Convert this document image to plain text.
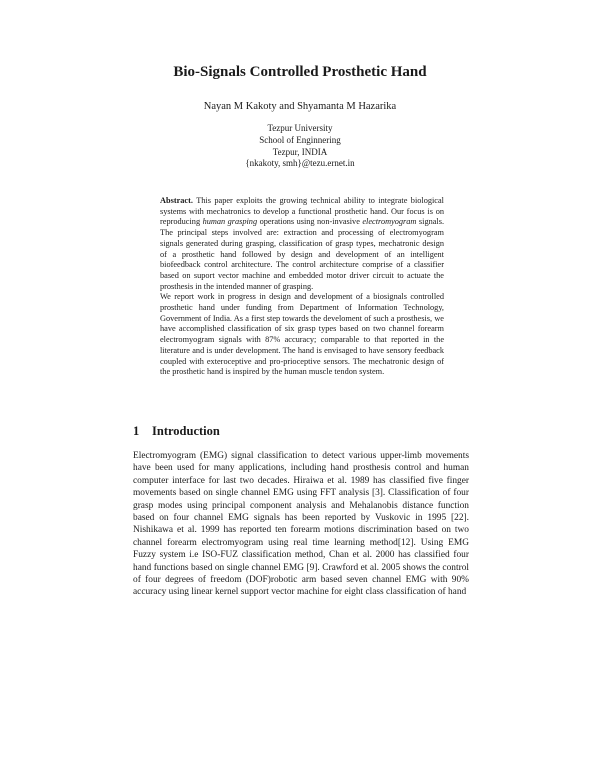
Bio-Signals Controlled Prosthetic Hand
Nayan M Kakoty and Shyamanta M Hazarika
Tezpur University
School of Enginnering
Tezpur, INDIA
{nkakoty, smh}@tezu.ernet.in

Abstract. This paper exploits the growing technical ability to integrate biological systems with mechatronics to develop a functional prosthetic hand. Our focus is on reproducing human grasping operations using non-invasive electromyogram signals. The principal steps involved are: extraction and processing of electromyogram signals generated during grasping, classification of grasp types, mechatronic design of a prosthetic hand followed by design and development of an intelligent biofeedback control architecture. The control architecture comprise of a classifier based on suport vector machine and embedded motor driver circuit to actuate the prosthesis in the intended manner of grasping.

We report work in progress in design and development of a biosignals controlled prosthetic hand under funding from Department of Information Technology, Government of India. As a first step towards the develoment of such a prosthesis, we have accomplished classification of six grasp types based on two channel forearm electromyogram signals with 87% accuracy; comparable to that reported in the literature and is under development. The hand is envisaged to have sensory feedback coupled with exteroceptive and pro-prioceptive sensors. The mechatronic design of the prosthetic hand is inspired by the human muscle tendon system.

1 Introduction

Electromyogram (EMG) signal classification to detect various upper-limb movements have been used for many applications, including hand prosthesis control and human computer interface for last two decades. Hiraiwa et al. 1989 has classified five finger movements based on single channel EMG using FFT analysis [3]. Classification of four grasp modes using principal component analysis and Mehalanobis distance function based on four channel EMG signals has been reported by Vuskovic in 1995 [22]. Nishikawa et al. 1999 has reported ten forearm motions discrimination based on two channel forearm electromyogram using real time learning method[12]. Using EMG Fuzzy system i.e ISO-FUZ classification method, Chan et al. 2000 has classified four hand functions based on single channel EMG [9]. Crawford et al. 2005 shows the control of four degrees of freedom (DOF)robotic arm based seven channel EMG with 90% accuracy using linear kernel support vector machine for eight class classification of hand
